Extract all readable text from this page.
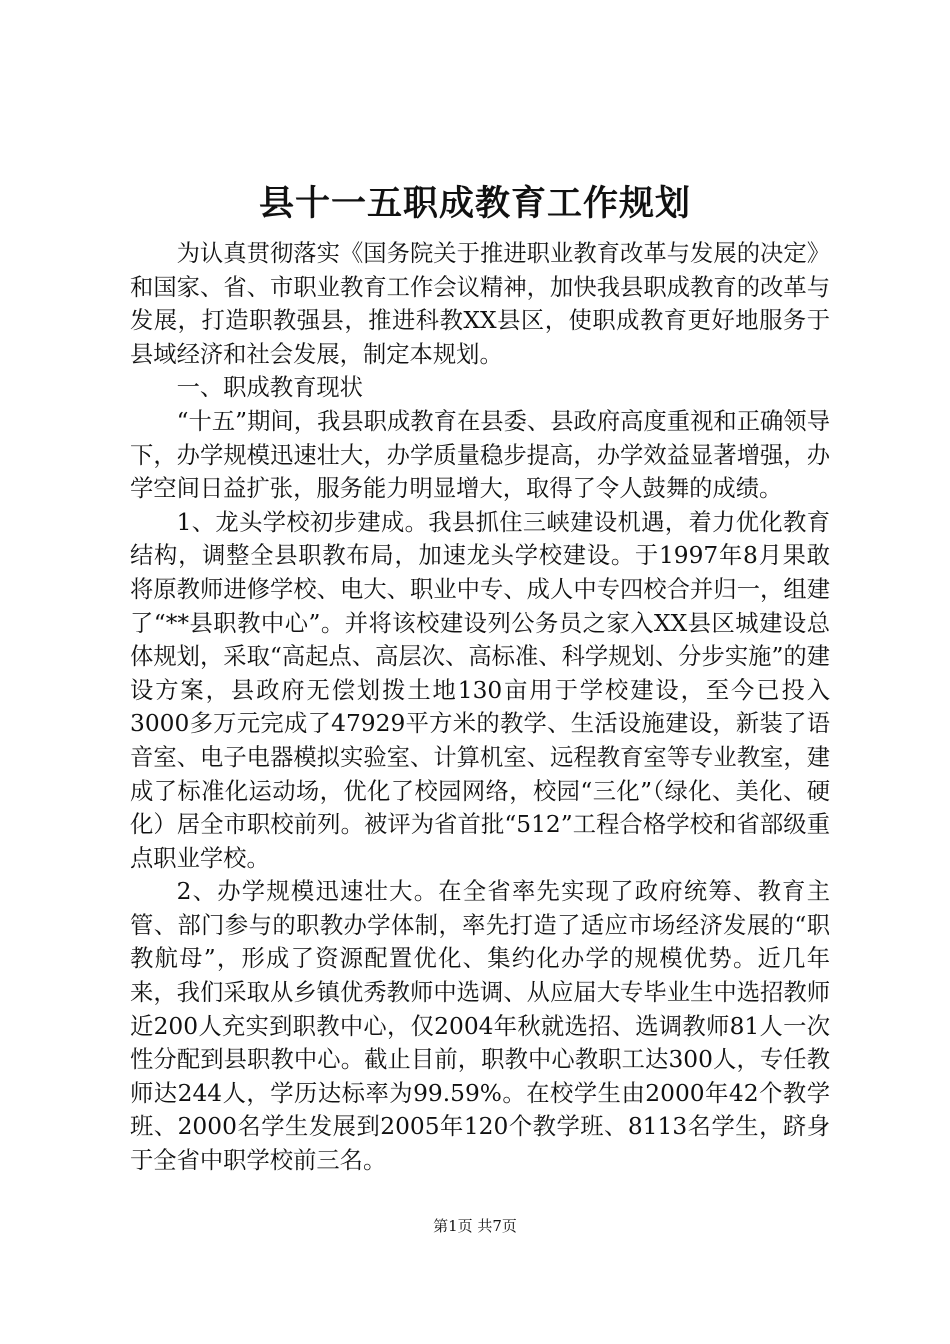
县十一五职成教育工作规划

为认真贯彻落实《国务院关于推进职业教育改革与发展的决定》和国家、省、市职业教育工作会议精神，加快我县职成教育的改革与发展，打造职教强县，推进科教XX县区，使职成教育更好地服务于县域经济和社会发展，制定本规划。

一、职成教育现状

“十五”期间，我县职成教育在县委、县政府高度重视和正确领导下，办学规模迅速壮大，办学质量稳步提高，办学效益显著增强，办学空间日益扩张，服务能力明显增大，取得了令人鼓舞的成绩。

1、龙头学校初步建成。我县抓住三峡建设机遇，着力优化教育结构，调整全县职教布局，加速龙头学校建设。于1997年8月果敢将原教师进修学校、电大、职业中专、成人中专四校合并归一，组建了“**县职教中心”。并将该校建设列公务员之家入XX县区城建设总体规划，采取“高起点、高层次、高标准、科学规划、分步实施”的建设方案，县政府无偿划拨土地130亩用于学校建设，至今已投入3000多万元完成了47929平方米的教学、生活设施建设，新装了语音室、电子电器模拟实验室、计算机室、远程教育室等专业教室，建成了标准化运动场，优化了校园网络，校园“三化”（绿化、美化、硬化）居全市职校前列。被评为省首批“512”工程合格学校和省部级重点职业学校。

2、办学规模迅速壮大。在全省率先实现了政府统筹、教育主管、部门参与的职教办学体制，率先打造了适应市场经济发展的“职教航母”，形成了资源配置优化、集约化办学的规模优势。近几年来，我们采取从乡镇优秀教师中选调、从应届大专毕业生中选招教师近200人充实到职教中心，仅2004年秋就选招、选调教师81人一次性分配到县职教中心。截止目前，职教中心教职工达300人，专任教师达244人，学历达标率为99.59%。在校学生由2000年42个教学班、2000名学生发展到2005年120个教学班、8113名学生，跻身于全省中职学校前三名。

第1页 共7页
